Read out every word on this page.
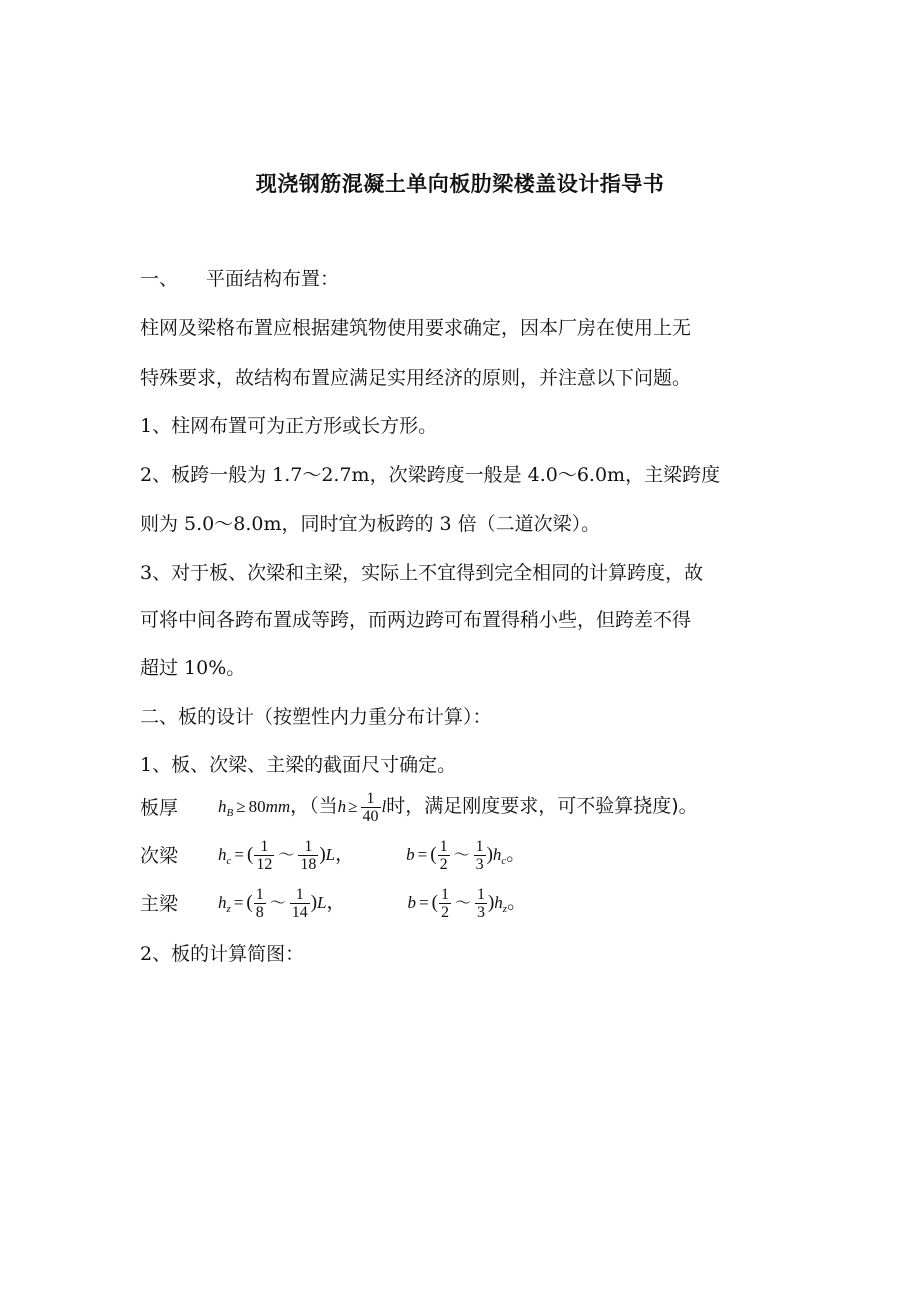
现浇钢筋混凝土单向板肋梁楼盖设计指导书
一、 平面结构布置：
柱网及梁格布置应根据建筑物使用要求确定，因本厂房在使用上无
特殊要求，故结构布置应满足实用经济的原则，并注意以下问题。
1、柱网布置可为正方形或长方形。
2、板跨一般为 1.7～2.7m，次梁跨度一般是 4.0～6.0m，主梁跨度
则为 5.0～8.0m，同时宜为板跨的 3 倍（二道次梁）。
3、对于板、次梁和主梁，实际上不宜得到完全相同的计算跨度，故
可将中间各跨布置成等跨，而两边跨可布置得稍小些，但跨差不得
超过 10%。
二、板的设计（按塑性内力重分布计算）：
1、板、次梁、主梁的截面尺寸确定。
板厚 $h_B \ge 80mm$，（当$h \ge \frac{1}{40}$ l时，满足刚度要求，可不验算挠度)。
次梁 $h_c$ = ( $\frac{1}{12}$ ～ $\frac{1}{18} )L$，	b = ( $\frac{1}{2}$ ～ $\frac{1}{3} )h_c$。
主梁 $h_z$ = ( $\frac{1}{8}$ ～ $\frac{1}{14} )L$，	b = ( $\frac{1}{2}$ ～ $\frac{1}{3} )h_z$。
2、板的计算简图：
